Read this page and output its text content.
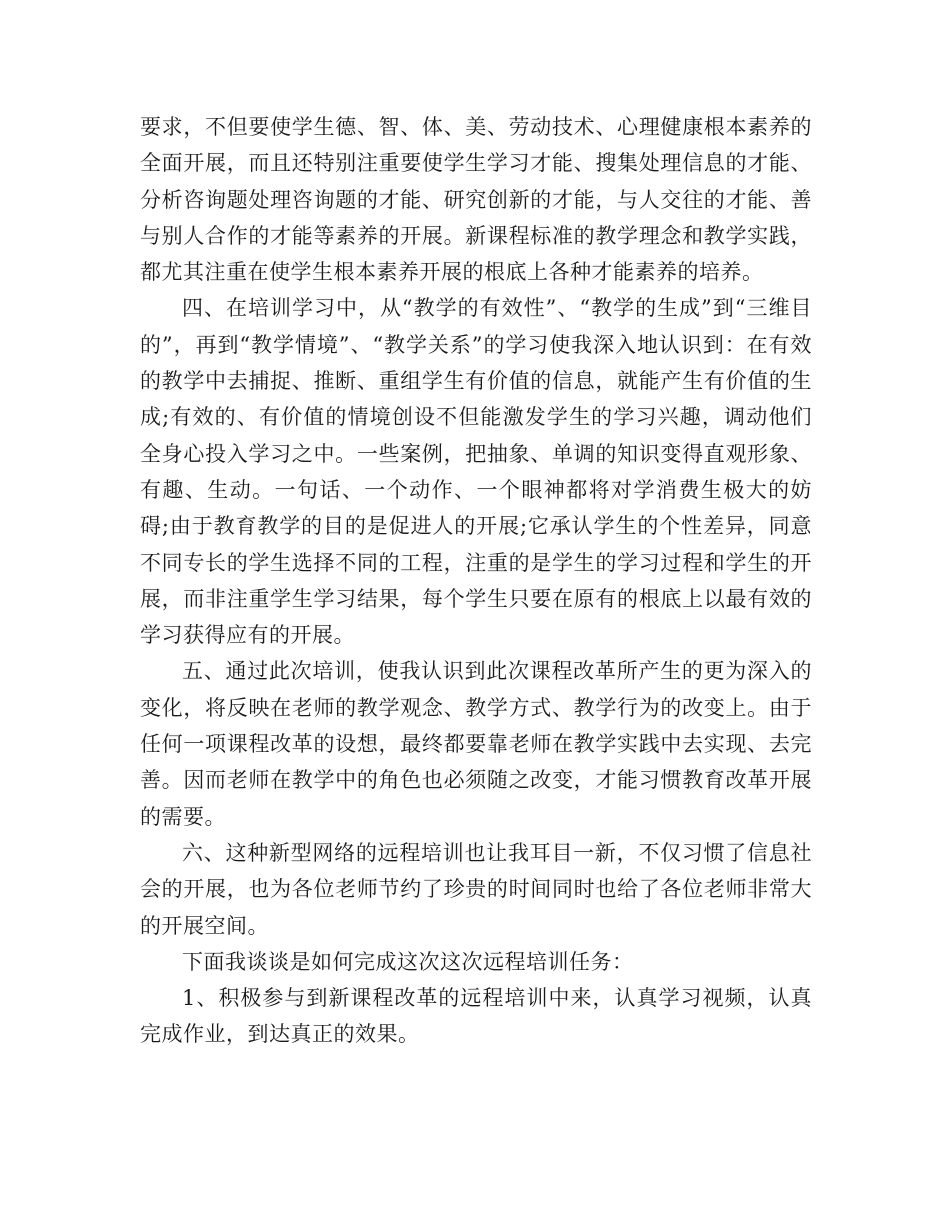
要求，不但要使学生德、智、体、美、劳动技术、心理健康根本素养的全面开展，而且还特别注重要使学生学习才能、搜集处理信息的才能、分析咨询题处理咨询题的才能、研究创新的才能，与人交往的才能、善与别人合作的才能等素养的开展。新课程标准的教学理念和教学实践，都尤其注重在使学生根本素养开展的根底上各种才能素养的培养。

四、在培训学习中，从“教学的有效性”、“教学的生成”到“三维目的”，再到“教学情境”、“教学关系”的学习使我深入地认识到：在有效的教学中去捕捉、推断、重组学生有价值的信息，就能产生有价值的生成;有效的、有价值的情境创设不但能激发学生的学习兴趣，调动他们全身心投入学习之中。一些案例，把抽象、单调的知识变得直观形象、有趣、生动。一句话、一个动作、一个眼神都将对学消费生极大的妨碍;由于教育教学的目的是促进人的开展;它承认学生的个性差异，同意不同专长的学生选择不同的工程，注重的是学生的学习过程和学生的开展，而非注重学生学习结果，每个学生只要在原有的根底上以最有效的学习获得应有的开展。

五、通过此次培训，使我认识到此次课程改革所产生的更为深入的变化，将反映在老师的教学观念、教学方式、教学行为的改变上。由于任何一项课程改革的设想，最终都要靠老师在教学实践中去实现、去完善。因而老师在教学中的角色也必须随之改变，才能习惯教育改革开展的需要。

六、这种新型网络的远程培训也让我耳目一新，不仅习惯了信息社会的开展，也为各位老师节约了珍贵的时间同时也给了各位老师非常大的开展空间。

下面我谈谈是如何完成这次这次远程培训任务：

1、积极参与到新课程改革的远程培训中来，认真学习视频，认真完成作业，到达真正的效果。
